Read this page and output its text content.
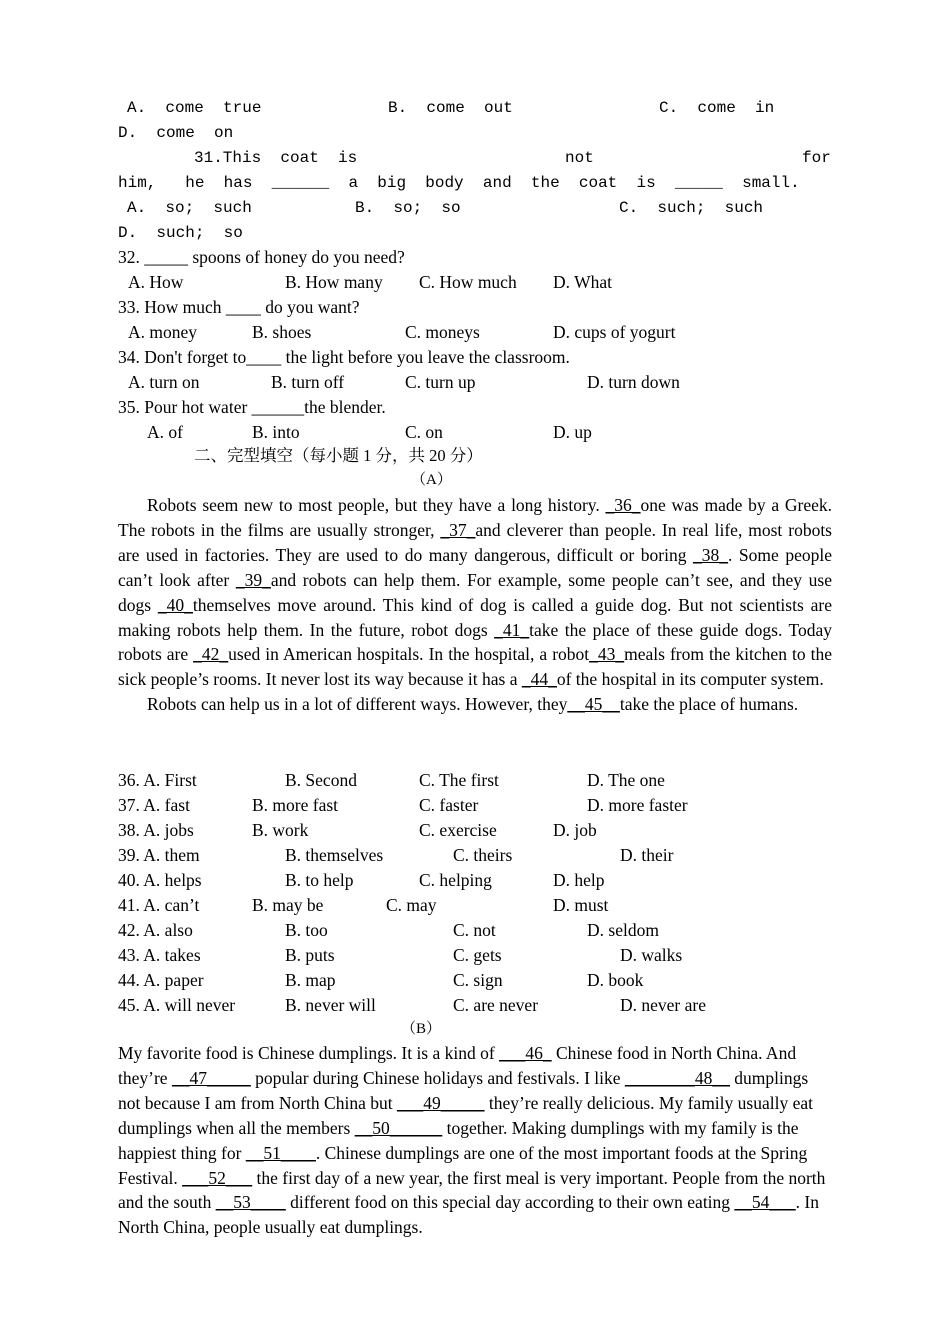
A.  come  true	B.  come  out	C.  come  in
D.  come  on
31.This  coat  is	not	for
him,   he  has  ______  a  big  body  and  the  coat  is  _____  small.
A.  so;  such	B.  so;  so	C.  such;  such
D.  such;  so
32. _____ spoons of honey do you need?
A. How	B. How many C. How much D. What
33. How much ____ do you want?
A. money	B. shoes	C. moneys	D. cups of yogurt
34. Don't forget to____ the light before you leave the classroom.
A. turn on	B. turn off	C. turn up	D. turn down
35. Pour hot water ______the blender.
A. of	B. into	C. on	D. up
二、完型填空（每小题 1 分，共 20 分）
（A）

Robots seem new to most people, but they have a long history. _36_one was made by a Greek. The robots in the films are usually stronger, _37_and cleverer than people. In real life, most robots are used in factories. They are used to do many dangerous, difficult or boring _38_. Some people can’t look after _39_and robots can help them. For example, some people can’t see, and they use dogs _40_themselves move around. This kind of dog is called a guide dog. But not scientists are making robots help them. In the future, robot dogs _41_take the place of these guide dogs. Today robots are _42_used in American hospitals. In the hospital, a robot_43_meals from the kitchen to the sick people’s rooms. It never lost its way because it has a _44_of the hospital in its computer system.

Robots can help us in a lot of different ways. However, they__45__take the place of humans.

36. A. First	B. Second	C. The first	D. The one
37. A. fast	B. more fast	C. faster	D. more faster
38. A. jobs	B. work	C. exercise	D. job
39. A. them	B. themselves	C. theirs	D. their
40. A. helps	B. to help	C. helping	D. help
41. A. can’t	B. may be	C. may	D. must
42. A. also	B. too	C. not	D. seldom
43. A. takes	B. puts	C. gets	D. walks
44. A. paper	B. map	C. sign	D. book
45. A. will never	B. never will	C. are never	D. never are
（B）
My favorite food is Chinese dumplings. It is a kind of ___46_ Chinese food in North China. And they’re __47_____ popular during Chinese holidays and festivals. I like ________48__ dumplings not because I am from North China but ___49_____ they’re really delicious. My family usually eat dumplings when all the members __50______ together. Making dumplings with my family is the happiest thing for __51____. Chinese dumplings are one of the most important foods at the Spring Festival. ___52___ the first day of a new year, the first meal is very important. People from the north and the south __53____ different food on this special day according to their own eating __54___. In North China, people usually eat dumplings.
